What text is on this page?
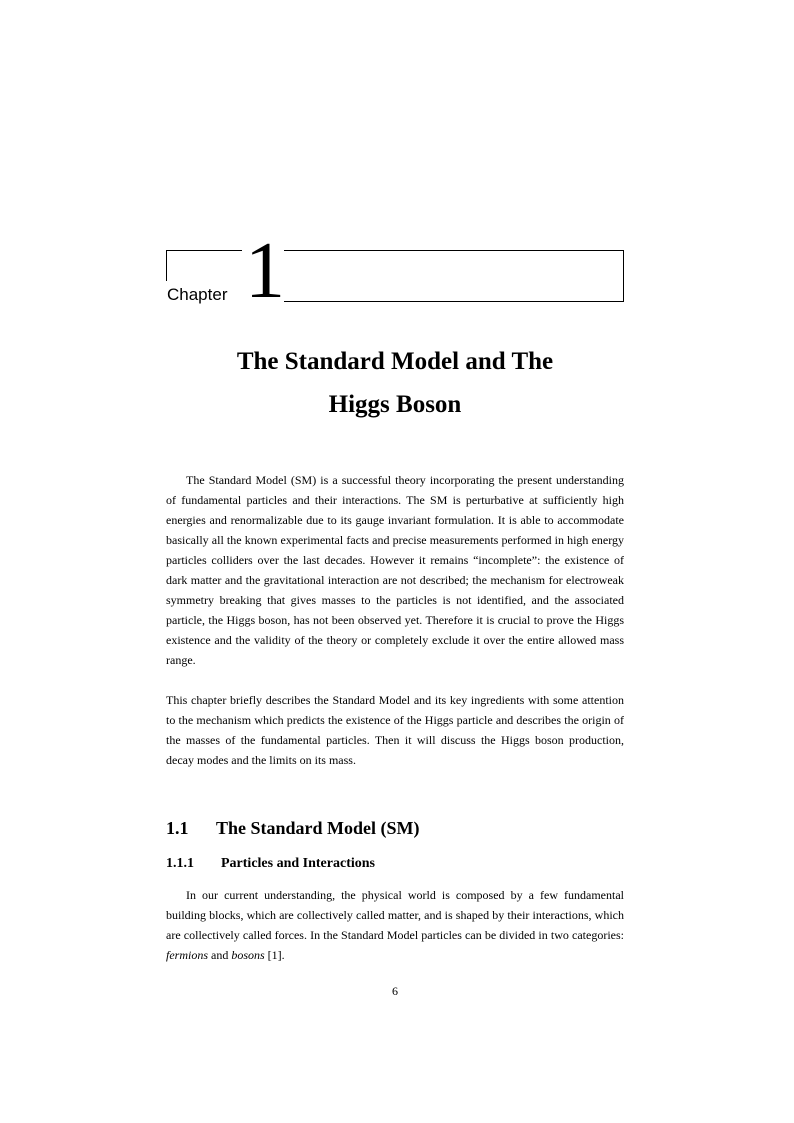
Chapter 1
The Standard Model and The
Higgs Boson

The Standard Model (SM) is a successful theory incorporating the present understanding of fundamental particles and their interactions. The SM is perturbative at sufficiently high energies and renormalizable due to its gauge invariant formulation. It is able to accommodate basically all the known experimental facts and precise measurements performed in high energy particles colliders over the last decades. However it remains “incomplete”: the existence of dark matter and the gravitational interaction are not described; the mechanism for electroweak symmetry breaking that gives masses to the particles is not identified, and the associated particle, the Higgs boson, has not been observed yet. Therefore it is crucial to prove the Higgs existence and the validity of the theory or completely exclude it over the entire allowed mass range.

This chapter briefly describes the Standard Model and its key ingredients with some attention to the mechanism which predicts the existence of the Higgs particle and describes the origin of the masses of the fundamental particles. Then it will discuss the Higgs boson production, decay modes and the limits on its mass.

1.1 The Standard Model (SM)
1.1.1 Particles and Interactions

In our current understanding, the physical world is composed by a few fundamental building blocks, which are collectively called matter, and is shaped by their interactions, which are collectively called forces. In the Standard Model particles can be divided in two categories: fermions and bosons [1].

6
